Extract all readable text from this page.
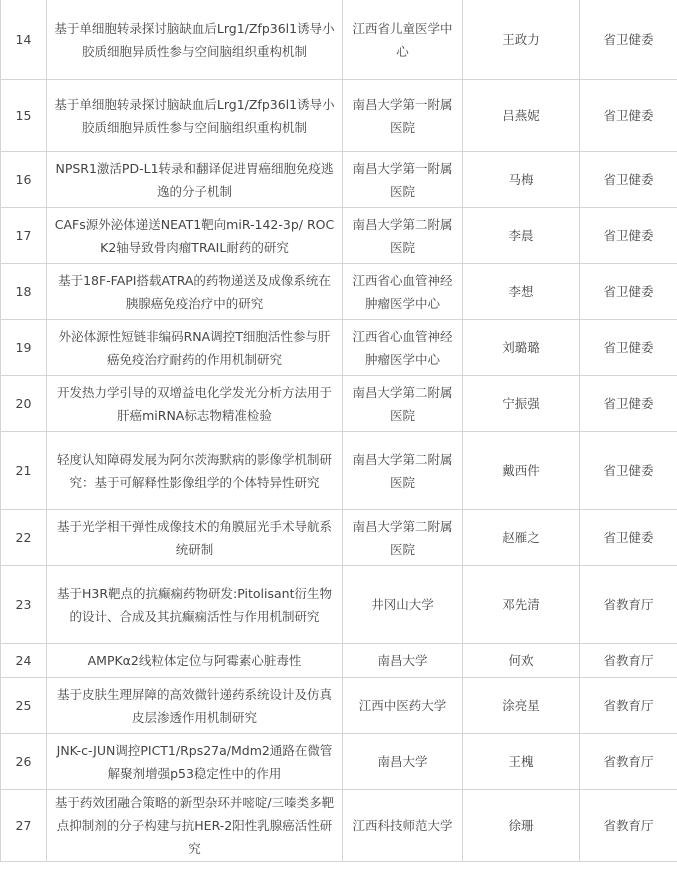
14	基于单细胞转录探讨脑缺血后Lrg1/Zfp36l1诱导小胶质细胞异质性参与空间脑组织重构机制	江西省儿童医学中心	王政力	省卫健委
15	基于单细胞转录探讨脑缺血后Lrg1/Zfp36l1诱导小胶质细胞异质性参与空间脑组织重构机制	南昌大学第一附属医院	吕燕妮	省卫健委
16	NPSR1激活PD-L1转录和翻译促进胃癌细胞免疫逃逸的分子机制	南昌大学第一附属医院	马梅	省卫健委
17	CAFs源外泌体递送NEAT1靶向miR-142-3p/ ROCK2轴导致骨肉瘤TRAIL耐药的研究	南昌大学第二附属医院	李晨	省卫健委
18	基于18F-FAPI搭载ATRA的药物递送及成像系统在胰腺癌免疫治疗中的研究	江西省心血管神经肿瘤医学中心	李想	省卫健委
19	外泌体源性短链非编码RNA调控T细胞活性参与肝癌免疫治疗耐药的作用机制研究	江西省心血管神经肿瘤医学中心	刘璐璐	省卫健委
20	开发热力学引导的双增益电化学发光分析方法用于肝癌miRNA标志物精准检验	南昌大学第二附属医院	宁振强	省卫健委
21	轻度认知障碍发展为阿尔茨海默病的影像学机制研究：基于可解释性影像组学的个体特异性研究	南昌大学第二附属医院	戴西件	省卫健委
22	基于光学相干弹性成像技术的角膜屈光手术导航系统研制	南昌大学第二附属医院	赵雁之	省卫健委
23	基于H3R靶点的抗癫痫药物研发:Pitolisant衍生物的设计、合成及其抗癫痫活性与作用机制研究	井冈山大学	邓先清	省教育厅
24	AMPKα2线粒体定位与阿霉素心脏毒性	南昌大学	何欢	省教育厅
25	基于皮肤生理屏障的高效微针递药系统设计及仿真皮层渗透作用机制研究	江西中医药大学	涂亮星	省教育厅
26	JNK-c-JUN调控PICT1/Rps27a/Mdm2通路在微管解聚剂增强p53稳定性中的作用	南昌大学	王槐	省教育厅
27	基于药效团融合策略的新型杂环并嘧啶/三嗪类多靶点抑制剂的分子构建与抗HER-2阳性乳腺癌活性研究	江西科技师范大学	徐珊	省教育厅
